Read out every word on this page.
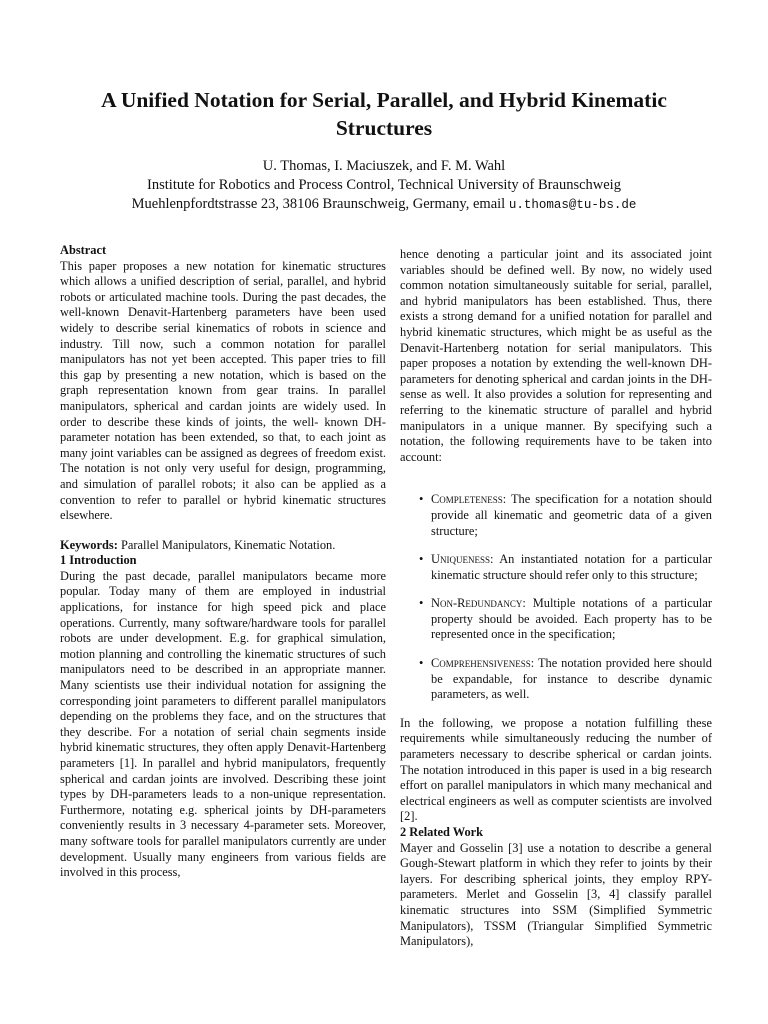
A Unified Notation for Serial, Parallel, and Hybrid Kinematic Structures
U. Thomas, I. Maciuszek, and F. M. Wahl
Institute for Robotics and Process Control, Technical University of Braunschweig
Muehlenpfordtstrasse 23, 38106 Braunschweig, Germany, email u.thomas@tu-bs.de

Abstract

This paper proposes a new notation for kinematic structures which allows a unified description of serial, parallel, and hybrid robots or articulated machine tools. During the past decades, the well-known Denavit-Hartenberg parameters have been used widely to describe serial kinematics of robots in science and industry. Till now, such a common notation for parallel manipulators has not yet been accepted. This paper tries to fill this gap by presenting a new notation, which is based on the graph representation known from gear trains. In parallel manipulators, spherical and cardan joints are widely used. In order to describe these kinds of joints, the well- known DH-parameter notation has been extended, so that, to each joint as many joint variables can be assigned as degrees of freedom exist. The notation is not only very useful for design, programming, and simulation of parallel robots; it also can be applied as a convention to refer to parallel or hybrid kinematic structures elsewhere.

Keywords: Parallel Manipulators, Kinematic Notation.

1 Introduction

During the past decade, parallel manipulators became more popular. Today many of them are employed in industrial applications, for instance for high speed pick and place operations. Currently, many software/hardware tools for parallel robots are under development. E.g. for graphical simulation, motion planning and controlling the kinematic structures of such manipulators need to be described in an appropriate manner. Many scientists use their individual notation for assigning the corresponding joint parameters to different parallel manipulators depending on the problems they face, and on the structures that they describe. For a notation of serial chain segments inside hybrid kinematic structures, they often apply Denavit-Hartenberg parameters [1]. In parallel and hybrid manipulators, frequently spherical and cardan joints are involved. Describing these joint types by DH-parameters leads to a non-unique representation. Furthermore, notating e.g. spherical joints by DH-parameters conveniently results in 3 necessary 4-parameter sets. Moreover, many software tools for parallel manipulators currently are under development. Usually many engineers from various fields are involved in this process,

hence denoting a particular joint and its associated joint variables should be defined well. By now, no widely used common notation simultaneously suitable for serial, parallel, and hybrid manipulators has been established. Thus, there exists a strong demand for a unified notation for parallel and hybrid kinematic structures, which might be as useful as the Denavit-Hartenberg notation for serial manipulators. This paper proposes a notation by extending the well-known DH-parameters for denoting spherical and cardan joints in the DH-sense as well. It also provides a solution for representing and referring to the kinematic structure of parallel and hybrid manipulators in a unique manner. By specifying such a notation, the following requirements have to be taken into account:

• Completeness: The specification for a notation should provide all kinematic and geometric data of a given structure;
• Uniqueness: An instantiated notation for a particular kinematic structure should refer only to this structure;
• Non-Redundancy: Multiple notations of a particular property should be avoided. Each property has to be represented once in the specification;
• Comprehensiveness: The notation provided here should be expandable, for instance to describe dynamic parameters, as well.

In the following, we propose a notation fulfilling these requirements while simultaneously reducing the number of parameters necessary to describe spherical or cardan joints. The notation introduced in this paper is used in a big research effort on parallel manipulators in which many mechanical and electrical engineers as well as computer scientists are involved [2].

2 Related Work

Mayer and Gosselin [3] use a notation to describe a general Gough-Stewart platform in which they refer to joints by their layers. For describing spherical joints, they employ RPY-parameters. Merlet and Gosselin [3, 4] classify parallel kinematic structures into SSM (Simplified Symmetric Manipulators), TSSM (Triangular Simplified Symmetric Manipulators),
